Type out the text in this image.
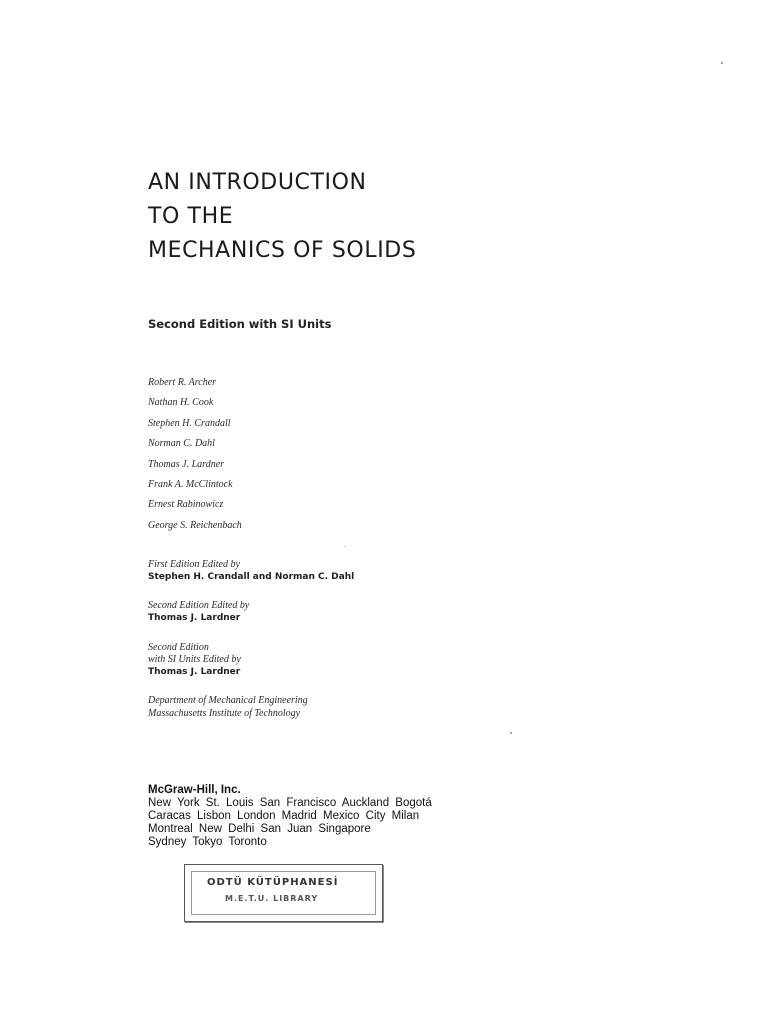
AN INTRODUCTION
TO THE
MECHANICS OF SOLIDS
Second Edition with SI Units
Robert R. Archer
Nathan H. Cook
Stephen H. Crandall
Norman C. Dahl
Thomas J. Lardner
Frank A. McClintock
Ernest Rabinowicz
George S. Reichenbach
First Edition Edited by
Stephen H. Crandall and Norman C. Dahl
Second Edition Edited by
Thomas J. Lardner
Second Edition
with SI Units Edited by
Thomas J. Lardner
Department of Mechanical Engineering
Massachusetts Institute of Technology
McGraw-Hill, Inc.
New York St. Louis San Francisco Auckland Bogotá
Caracas Lisbon London Madrid Mexico City Milan
Montreal New Delhi San Juan Singapore
Sydney Tokyo Toronto
ODTÜ KÜTÜPHANESİ
M.E.T.U. LIBRARY
